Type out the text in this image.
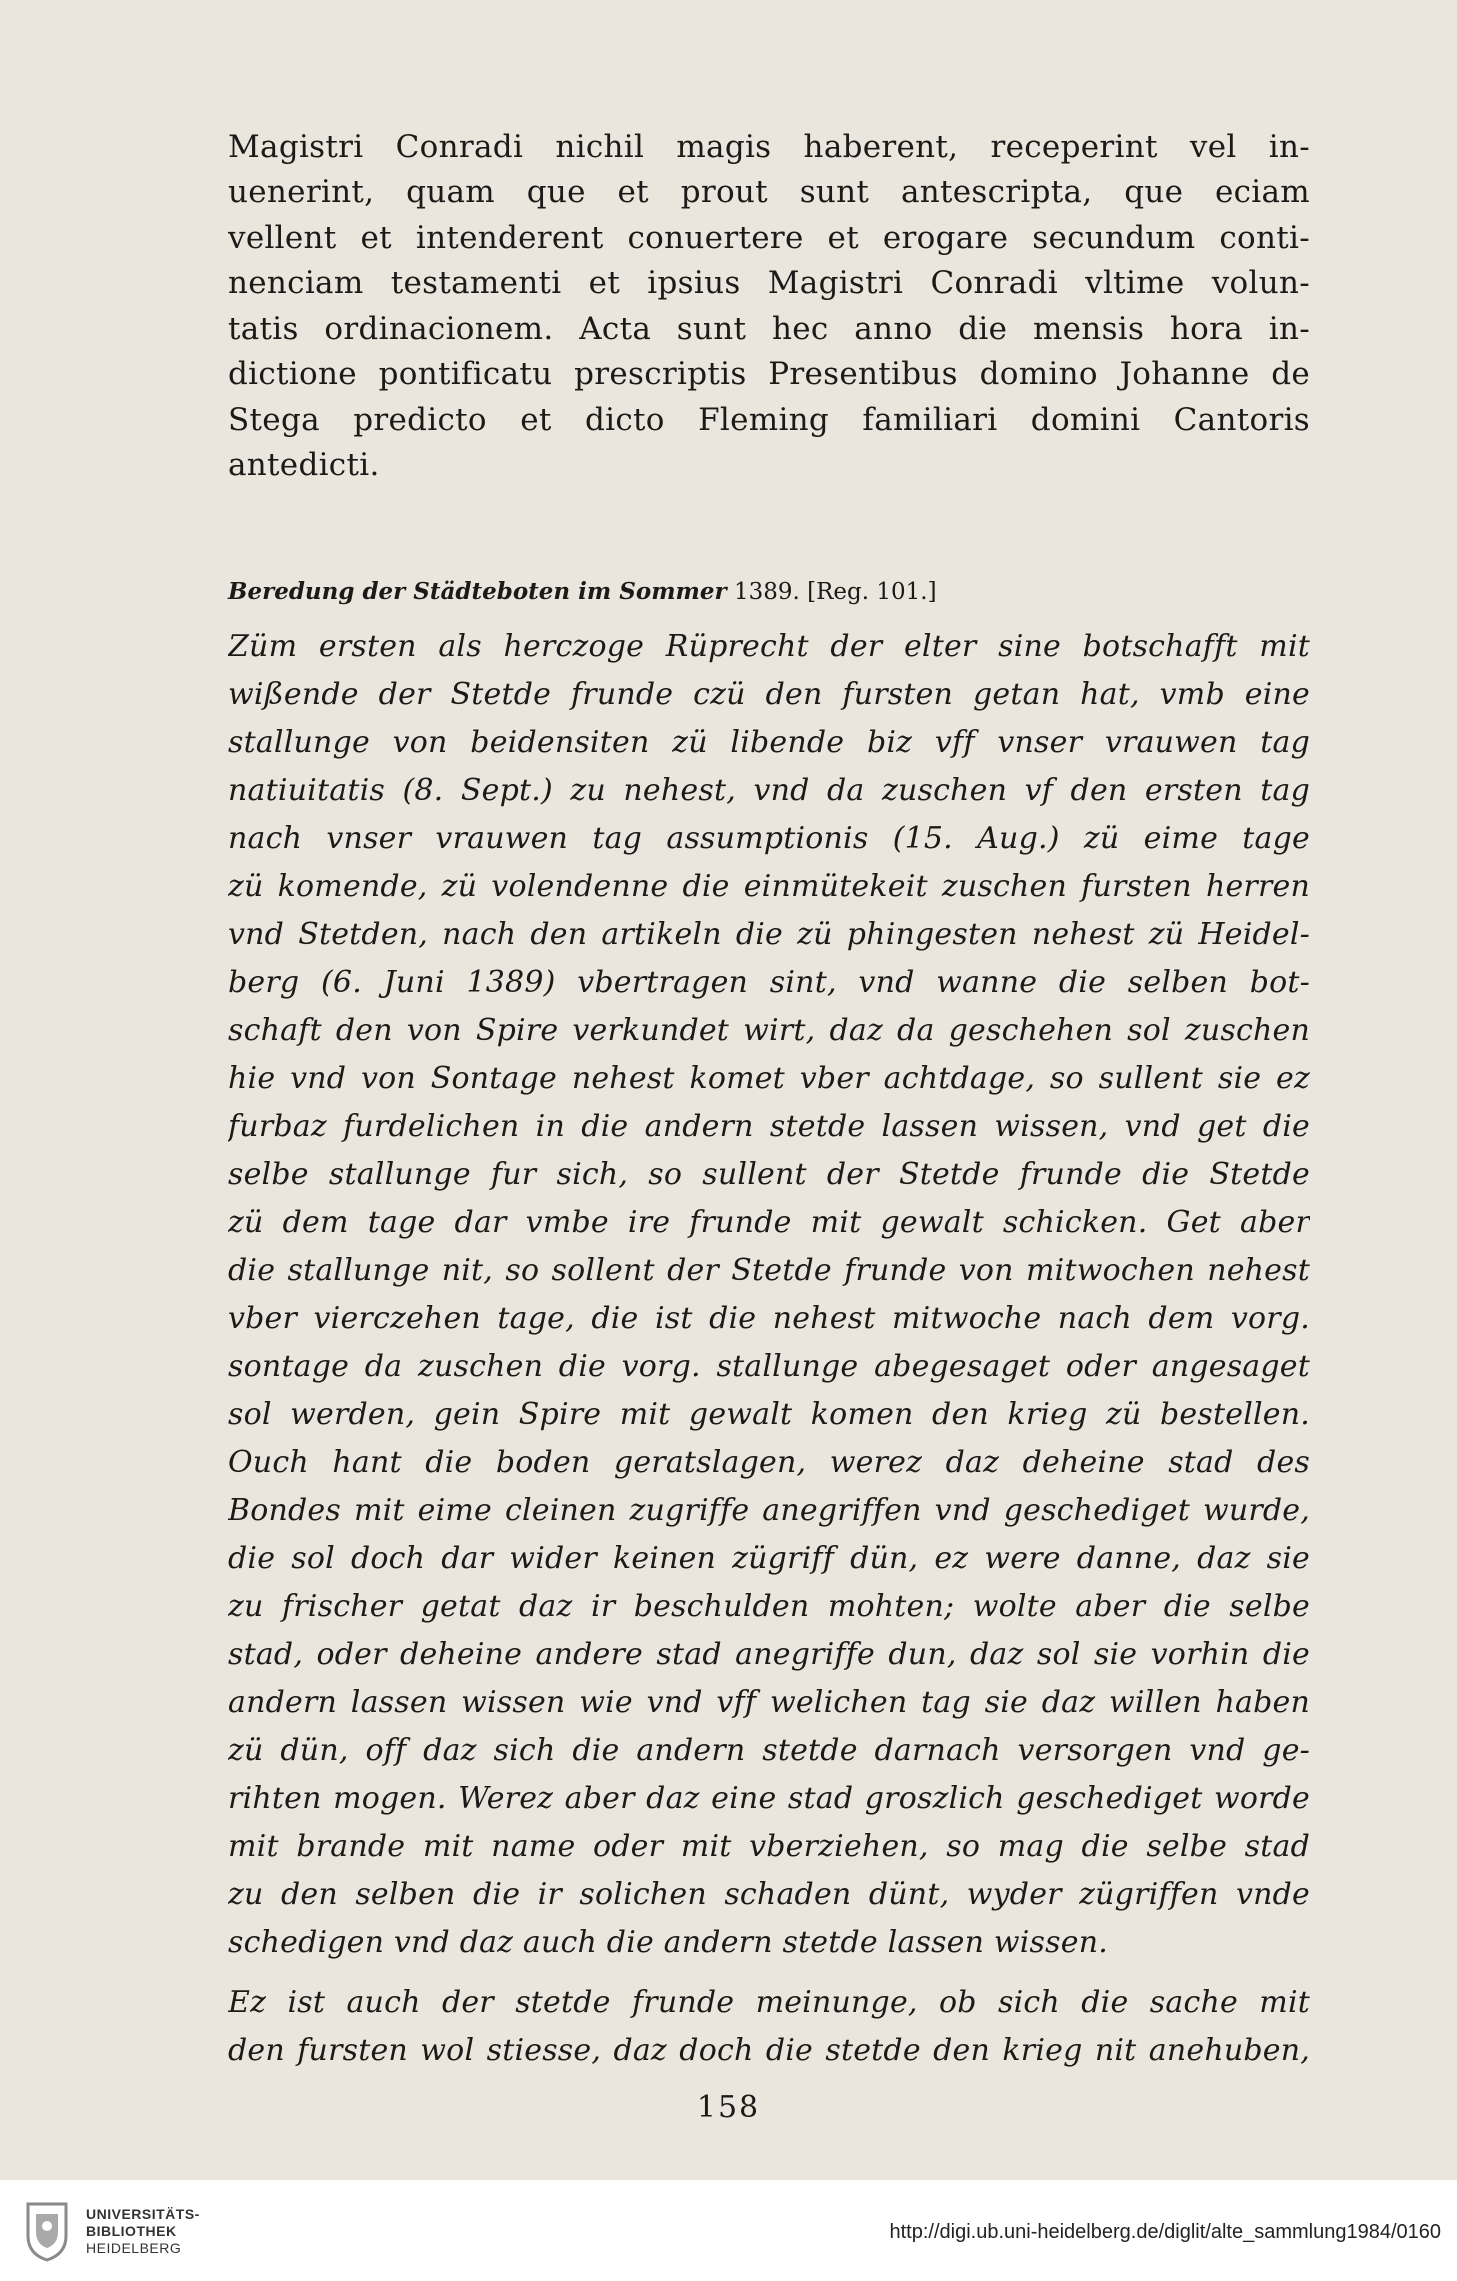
Magistri Conradi nichil magis haberent, receperint vel in-
uenerint, quam que et prout sunt antescripta, que eciam
vellent et intenderent conuertere et erogare secundum conti-
nenciam testamenti et ipsius Magistri Conradi vltime volun-
tatis ordinacionem. Acta sunt hec anno die mensis hora in-
dictione pontificatu prescriptis Presentibus domino Johanne de
Stega predicto et dicto Fleming familiari domini Cantoris
antedicti.
Beredung der Städteboten im Sommer 1389. [Reg. 101.]
Züm ersten als herczoge Rüprecht der elter sine botschafft mit
wißende der Stetde frunde czü den fursten getan hat, vmb eine
stallunge von beidensiten zü libende biz vff vnser vrauwen tag
natiuitatis (8. Sept.) zu nehest, vnd da zuschen vf den ersten tag
nach vnser vrauwen tag assumptionis (15. Aug.) zü eime tage
zü komende, zü volendenne die einmütekeit zuschen fursten herren
vnd Stetden, nach den artikeln die zü phingesten nehest zü Heidel-
berg (6. Juni 1389) vbertragen sint, vnd wanne die selben bot-
schaft den von Spire verkundet wirt, daz da geschehen sol zuschen
hie vnd von Sontage nehest komet vber achtdage, so sullent sie ez
furbaz furdelichen in die andern stetde lassen wissen, vnd get die
selbe stallunge fur sich, so sullent der Stetde frunde die Stetde
zü dem tage dar vmbe ire frunde mit gewalt schicken. Get aber
die stallunge nit, so sollent der Stetde frunde von mitwochen nehest
vber vierczehen tage, die ist die nehest mitwoche nach dem vorg.
sontage da zuschen die vorg. stallunge abegesaget oder angesaget
sol werden, gein Spire mit gewalt komen den krieg zü bestellen.
Ouch hant die boden geratslagen, werez daz deheine stad des
Bondes mit eime cleinen zugriffe anegriffen vnd geschediget wurde,
die sol doch dar wider keinen zügriff dün, ez were danne, daz sie
zu frischer getat daz ir beschulden mohten; wolte aber die selbe
stad, oder deheine andere stad anegriffe dun, daz sol sie vorhin die
andern lassen wissen wie vnd vff welichen tag sie daz willen haben
zü dün, off daz sich die andern stetde darnach versorgen vnd ge-
rihten mogen. Werez aber daz eine stad groszlich geschediget worde
mit brande mit name oder mit vberziehen, so mag die selbe stad
zu den selben die ir solichen schaden dünt, wyder zügriffen vnde
schedigen vnd daz auch die andern stetde lassen wissen.
Ez ist auch der stetde frunde meinunge, ob sich die sache mit
den fursten wol stiesse, daz doch die stetde den krieg nit anehuben,
158
UNIVERSITÄTS-
BIBLIOTHEK
HEIDELBERG
http://digi.ub.uni-heidelberg.de/diglit/alte_sammlung1984/0160
